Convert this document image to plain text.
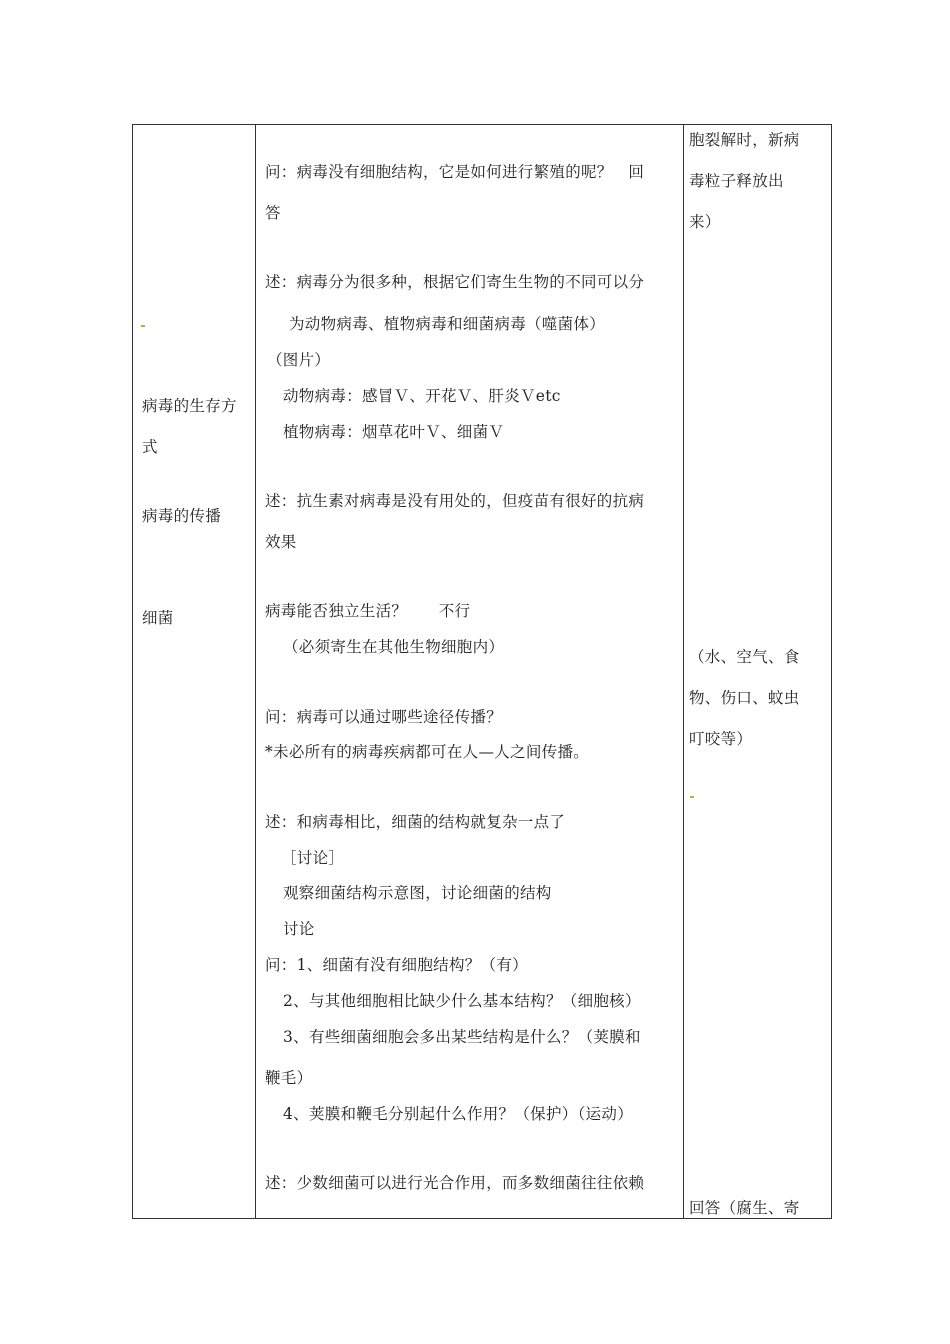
病毒的生存方
式
病毒的传播
细菌
问：病毒没有细胞结构，它是如何进行繁殖的呢？　回
答
述：病毒分为很多种，根据它们寄生生物的不同可以分
为动物病毒、植物病毒和细菌病毒（噬菌体）
（图片）
动物病毒：感冒Ｖ、开花Ｖ、肝炎Ｖetc
植物病毒：烟草花叶Ｖ、细菌Ｖ
述：抗生素对病毒是没有用处的，但疫苗有很好的抗病
效果
病毒能否独立生活？　　不行
（必须寄生在其他生物细胞内）
问：病毒可以通过哪些途径传播？
*未必所有的病毒疾病都可在人—人之间传播。
述：和病毒相比，细菌的结构就复杂一点了
［讨论］
观察细菌结构示意图，讨论细菌的结构
讨论
问：1、细菌有没有细胞结构？（有）
2、与其他细胞相比缺少什么基本结构？（细胞核）
3、有些细菌细胞会多出某些结构是什么？（荚膜和
鞭毛）
4、荚膜和鞭毛分别起什么作用？（保护）（运动）
述：少数细菌可以进行光合作用，而多数细菌往往依赖
胞裂解时，新病
毒粒子释放出
来）
（水、空气、食
物、伤口、蚊虫
叮咬等）
回答（腐生、寄
